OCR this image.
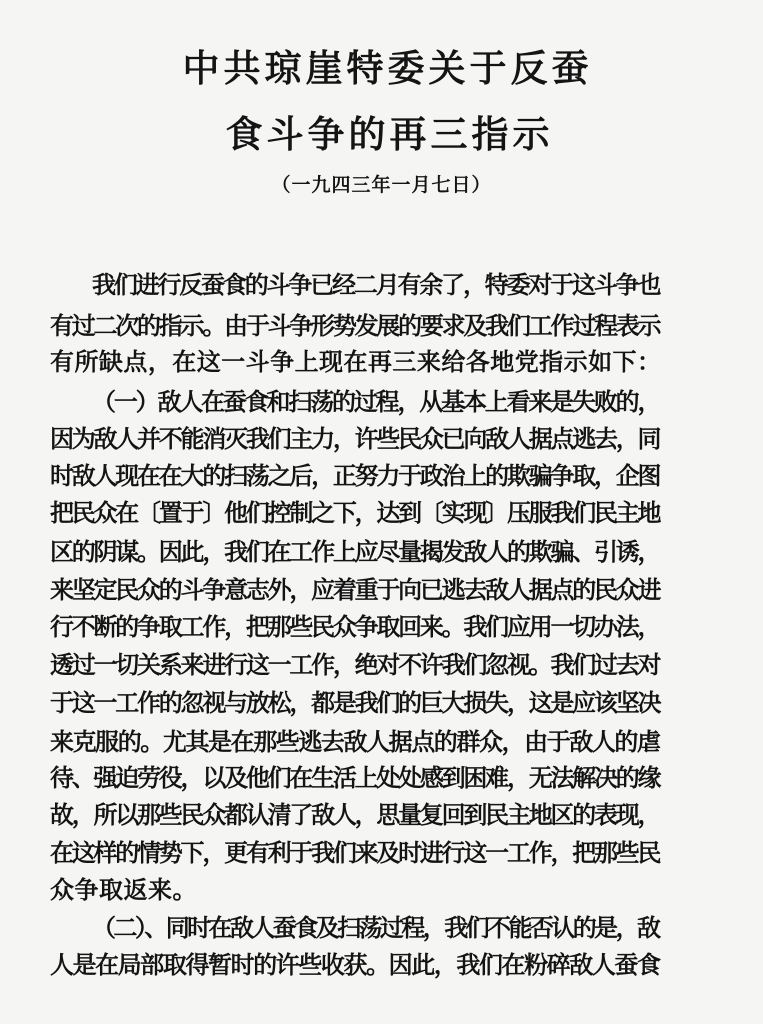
中共琼崖特委关于反蚕
食斗争的再三指示
（一九四三年一月七日）
我们进行反蚕食的斗争已经二月有余了，特委对于这斗争也
有过二次的指示。由于斗争形势发展的要求及我们工作过程表示
有所缺点，在这一斗争上现在再三来给各地党指示如下：
（一）敌人在蚕食和扫荡的过程，从基本上看来是失败的，
因为敌人并不能消灭我们主力，许些民众已向敌人据点逃去，同
时敌人现在在大的扫荡之后，正努力于政治上的欺骗争取，企图
把民众在〔置于〕他们控制之下，达到〔实现〕压服我们民主地
区的阴谋。因此，我们在工作上应尽量揭发敌人的欺骗、引诱，
来坚定民众的斗争意志外，应着重于向已逃去敌人据点的民众进
行不断的争取工作，把那些民众争取回来。我们应用一切办法，
透过一切关系来进行这一工作，绝对不许我们忽视。我们过去对
于这一工作的忽视与放松，都是我们的巨大损失，这是应该坚决
来克服的。尤其是在那些逃去敌人据点的群众，由于敌人的虐
待、强迫劳役，以及他们在生活上处处感到困难，无法解决的缘
故，所以那些民众都认清了敌人，思量复回到民主地区的表现，
在这样的情势下，更有利于我们来及时进行这一工作，把那些民
众争取返来。
（二）、同时在敌人蚕食及扫荡过程，我们不能否认的是，敌
人是在局部取得暂时的许些收获。因此，我们在粉碎敌人蚕食
